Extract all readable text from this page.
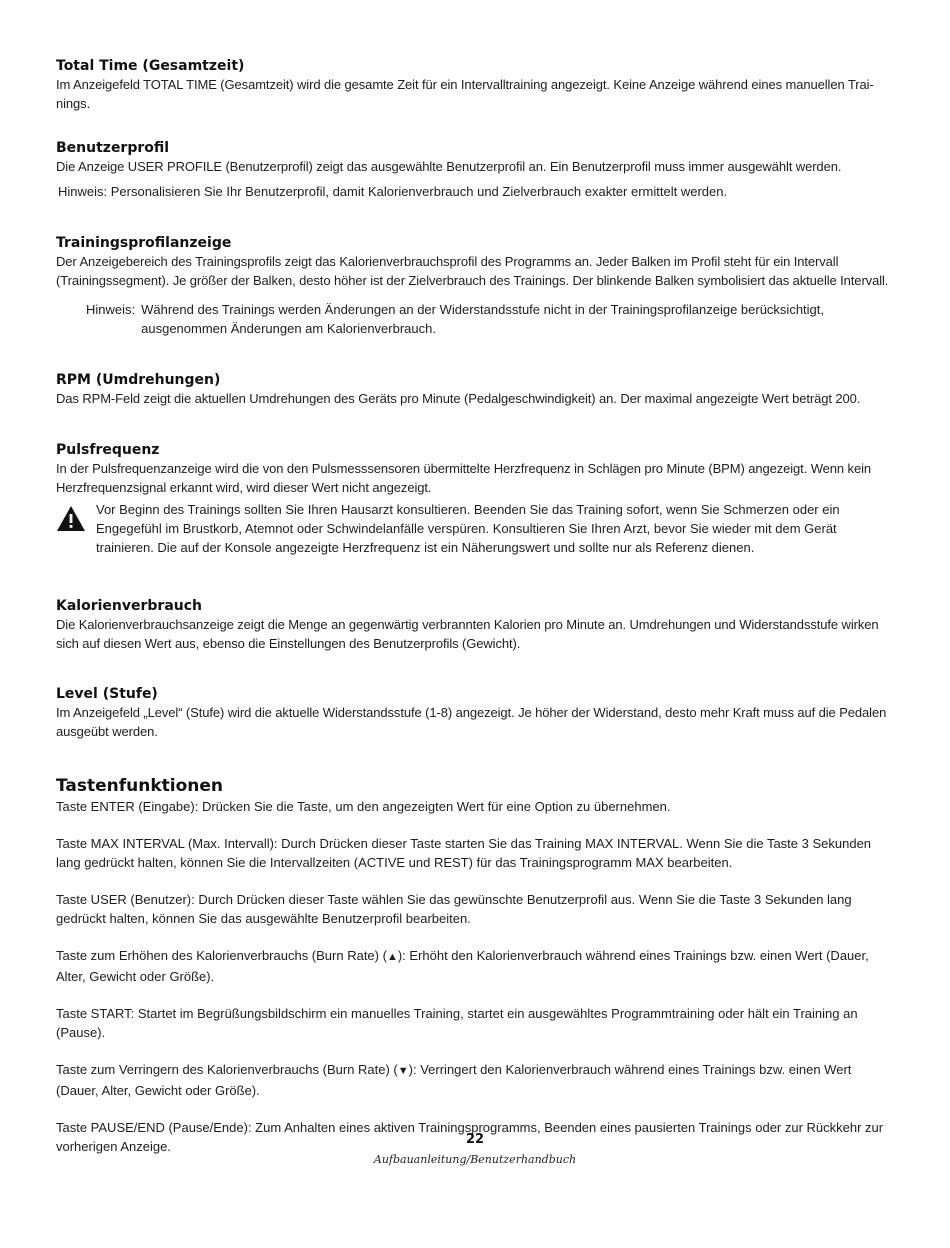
Total Time (Gesamtzeit)

Im Anzeigefeld TOTAL TIME (Gesamtzeit) wird die gesamte Zeit für ein Intervalltraining angezeigt. Keine Anzeige während eines manuellen Trainings.

Benutzerprofil

Die Anzeige USER PROFILE (Benutzerprofil) zeigt das ausgewählte Benutzerprofil an. Ein Benutzerprofil muss immer ausgewählt werden.

Hinweis: Personalisieren Sie Ihr Benutzerprofil, damit Kalorienverbrauch und Zielverbrauch exakter ermittelt werden.

Trainingsprofilanzeige

Der Anzeigebereich des Trainingsprofils zeigt das Kalorienverbrauchsprofil des Programms an. Jeder Balken im Profil steht für ein Intervall (Trainingssegment). Je größer der Balken, desto höher ist der Zielverbrauch des Trainings. Der blinkende Balken symbolisiert das aktuelle Intervall.

Hinweis: Während des Trainings werden Änderungen an der Widerstandsstufe nicht in der Trainingsprofilanzeige berücksichtigt, ausgenommen Änderungen am Kalorienverbrauch.
RPM (Umdrehungen)

Das RPM-Feld zeigt die aktuellen Umdrehungen des Geräts pro Minute (Pedalgeschwindigkeit) an. Der maximal angezeigte Wert beträgt 200.

Pulsfrequenz

In der Pulsfrequenzanzeige wird die von den Pulsmesssensoren übermittelte Herzfrequenz in Schlägen pro Minute (BPM) angezeigt. Wenn kein Herzfrequenzsignal erkannt wird, wird dieser Wert nicht angezeigt.

Vor Beginn des Trainings sollten Sie Ihren Hausarzt konsultieren. Beenden Sie das Training sofort, wenn Sie Schmerzen oder ein Engegefühl im Brustkorb, Atemnot oder Schwindelanfälle verspüren. Konsultieren Sie Ihren Arzt, bevor Sie wieder mit dem Gerät trainieren. Die auf der Konsole angezeigte Herzfrequenz ist ein Näherungswert und sollte nur als Referenz dienen.
Kalorienverbrauch

Die Kalorienverbrauchsanzeige zeigt die Menge an gegenwärtig verbrannten Kalorien pro Minute an. Umdrehungen und Widerstandsstufe wirken sich auf diesen Wert aus, ebenso die Einstellungen des Benutzerprofils (Gewicht).

Level (Stufe)

Im Anzeigefeld „Level“ (Stufe) wird die aktuelle Widerstandsstufe (1-8) angezeigt. Je höher der Widerstand, desto mehr Kraft muss auf die Pedalen ausgeübt werden.

Tastenfunktionen

Taste ENTER (Eingabe): Drücken Sie die Taste, um den angezeigten Wert für eine Option zu übernehmen.

Taste MAX INTERVAL (Max. Intervall): Durch Drücken dieser Taste starten Sie das Training MAX INTERVAL. Wenn Sie die Taste 3 Sekunden lang gedrückt halten, können Sie die Intervallzeiten (ACTIVE und REST) für das Trainingsprogramm MAX bearbeiten.

Taste USER (Benutzer): Durch Drücken dieser Taste wählen Sie das gewünschte Benutzerprofil aus. Wenn Sie die Taste 3 Sekunden lang gedrückt halten, können Sie das ausgewählte Benutzerprofil bearbeiten.

Taste zum Erhöhen des Kalorienverbrauchs (Burn Rate) (▲): Erhöht den Kalorienverbrauch während eines Trainings bzw. einen Wert (Dauer, Alter, Gewicht oder Größe).

Taste START: Startet im Begrüßungsbildschirm ein manuelles Training, startet ein ausgewähltes Programmtraining oder hält ein Training an (Pause).

Taste zum Verringern des Kalorienverbrauchs (Burn Rate) (▼): Verringert den Kalorienverbrauch während eines Trainings bzw. einen Wert (Dauer, Alter, Gewicht oder Größe).

Taste PAUSE/END (Pause/Ende): Zum Anhalten eines aktiven Trainingsprogramms, Beenden eines pausierten Trainings oder zur Rückkehr zur vorherigen Anzeige.	22
Aufbauanleitung/Benutzerhandbuch
